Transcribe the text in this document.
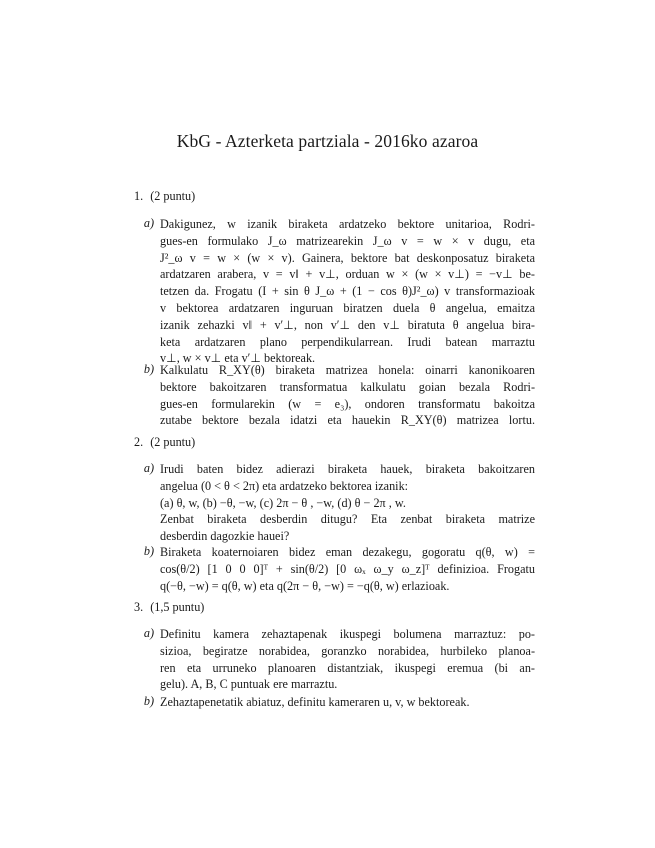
KbG - Azterketa partziala - 2016ko azaroa
1. (2 puntu)
a) Dakigunez, w izanik biraketa ardatzeko bektore unitarioa, Rodri-
gues-en formulako J_ω matrizearekin J_ω v = w × v dugu, eta
J²_ω v = w × (w × v). Gainera, bektore bat deskonposatuz biraketa
ardatzaren arabera, v = v‖ + v⊥, orduan w × (w × v⊥) = −v⊥ be-
tetzen da. Frogatu (I + sin θ J_ω + (1 − cos θ)J²_ω) v transformazioak
v bektorea ardatzaren inguruan biratzen duela θ angelua, emaitza
izanik zehazki v‖ + v′⊥, non v′⊥ den v⊥ biratuta θ angelua bira-
keta ardatzaren plano perpendikularrean. Irudi batean marraztu
v⊥, w × v⊥ eta v′⊥ bektoreak.
b) Kalkulatu R_XY(θ) biraketa matrizea honela: oinarri kanonikoaren
bektore bakoitzaren transformatua kalkulatu goian bezala Rodri-
gues-en formularekin (w = e₃), ondoren transformatu bakoitza
zutabe bektore bezala idatzi eta hauekin R_XY(θ) matrizea lortu.
2. (2 puntu)
a) Irudi baten bidez adierazi biraketa hauek, biraketa bakoitzaren
angelua (0 < θ < 2π) eta ardatzeko bektorea izanik:
(a) θ, w, (b) −θ, −w, (c) 2π − θ , −w, (d) θ − 2π , w.
Zenbat biraketa desberdin ditugu? Eta zenbat biraketa matrize
desberdin dagozkie hauei?
b) Biraketa koaternoiaren bidez eman dezakegu, gogoratu q(θ, w) =
cos(θ/2) [1 0 0 0]ᵀ + sin(θ/2) [0 ωₓ ω_y ω_z]ᵀ definizioa. Frogatu
q(−θ, −w) = q(θ, w) eta q(2π − θ, −w) = −q(θ, w) erlazioak.
3. (1,5 puntu)
a) Definitu kamera zehaztapenak ikuspegi bolumena marraztuz: po-
sizioa, begiratze norabidea, goranzko norabidea, hurbileko planoa-
ren eta urruneko planoaren distantziak, ikuspegi eremua (bi an-
gelu). A, B, C puntuak ere marraztu.
b) Zehaztapenetatik abiatuz, definitu kameraren u, v, w bektoreak.
